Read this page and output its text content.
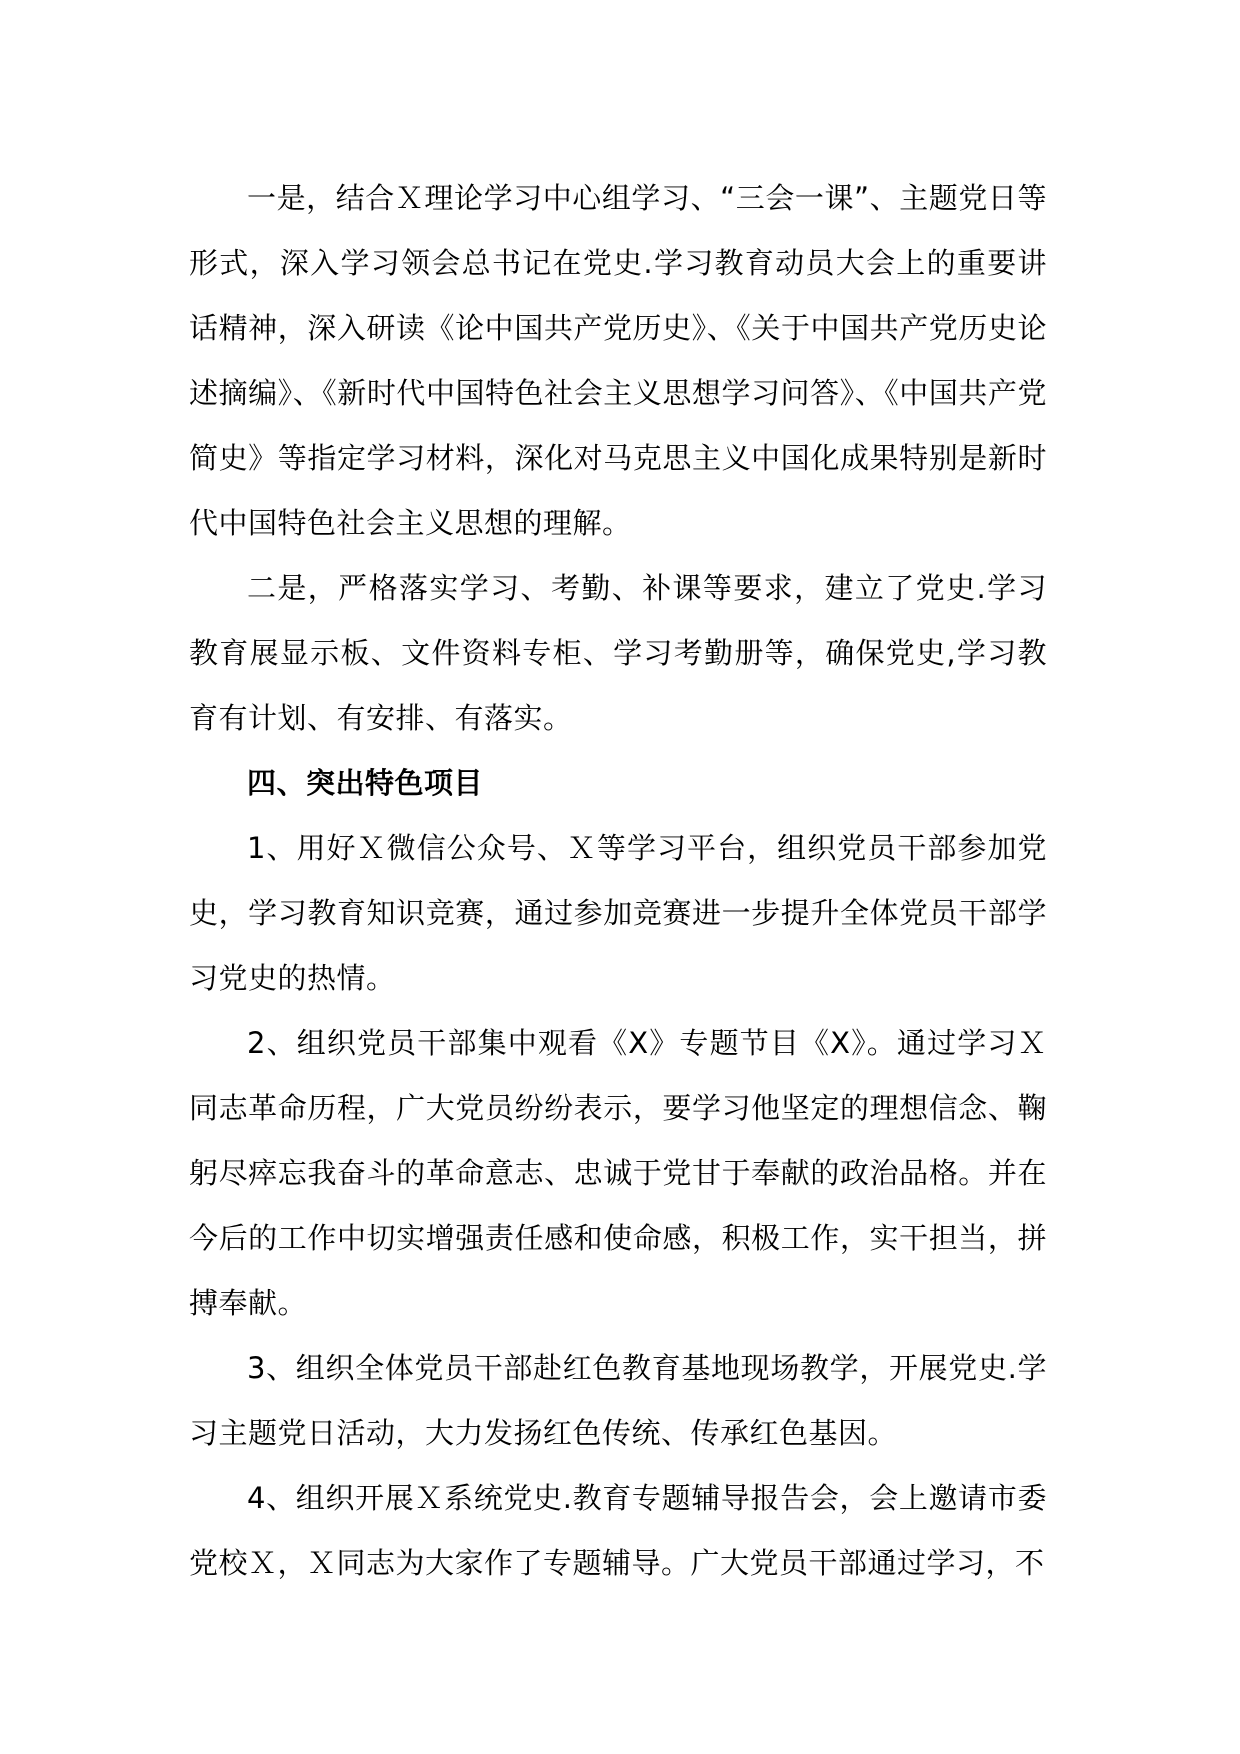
一是，结合Ｘ理论学习中心组学习、“三会一课”、主题党日等形式，深入学习领会总书记在党史.学习教育动员大会上的重要讲话精神，深入研读《论中国共产党历史》、《关于中国共产党历史论述摘编》、《新时代中国特色社会主义思想学习问答》、《中国共产党简史》等指定学习材料，深化对马克思主义中国化成果特别是新时代中国特色社会主义思想的理解。

二是，严格落实学习、考勤、补课等要求，建立了党史.学习教育展显示板、文件资料专柜、学习考勤册等，确保党史,学习教育有计划、有安排、有落实。

四、突出特色项目

1、用好Ｘ微信公众号、Ｘ等学习平台，组织党员干部参加党史，学习教育知识竞赛，通过参加竞赛进一步提升全体党员干部学习党史的热情。

2、组织党员干部集中观看《X》专题节目《X》。通过学习Ｘ同志革命历程，广大党员纷纷表示，要学习他坚定的理想信念、鞠躬尽瘁忘我奋斗的革命意志、忠诚于党甘于奉献的政治品格。并在今后的工作中切实增强责任感和使命感，积极工作，实干担当，拼搏奉献。

3、组织全体党员干部赴红色教育基地现场教学，开展党史.学习主题党日活动，大力发扬红色传统、传承红色基因。

4、组织开展Ｘ系统党史.教育专题辅导报告会，会上邀请市委党校Ｘ，Ｘ同志为大家作了专题辅导。广大党员干部通过学习，不
